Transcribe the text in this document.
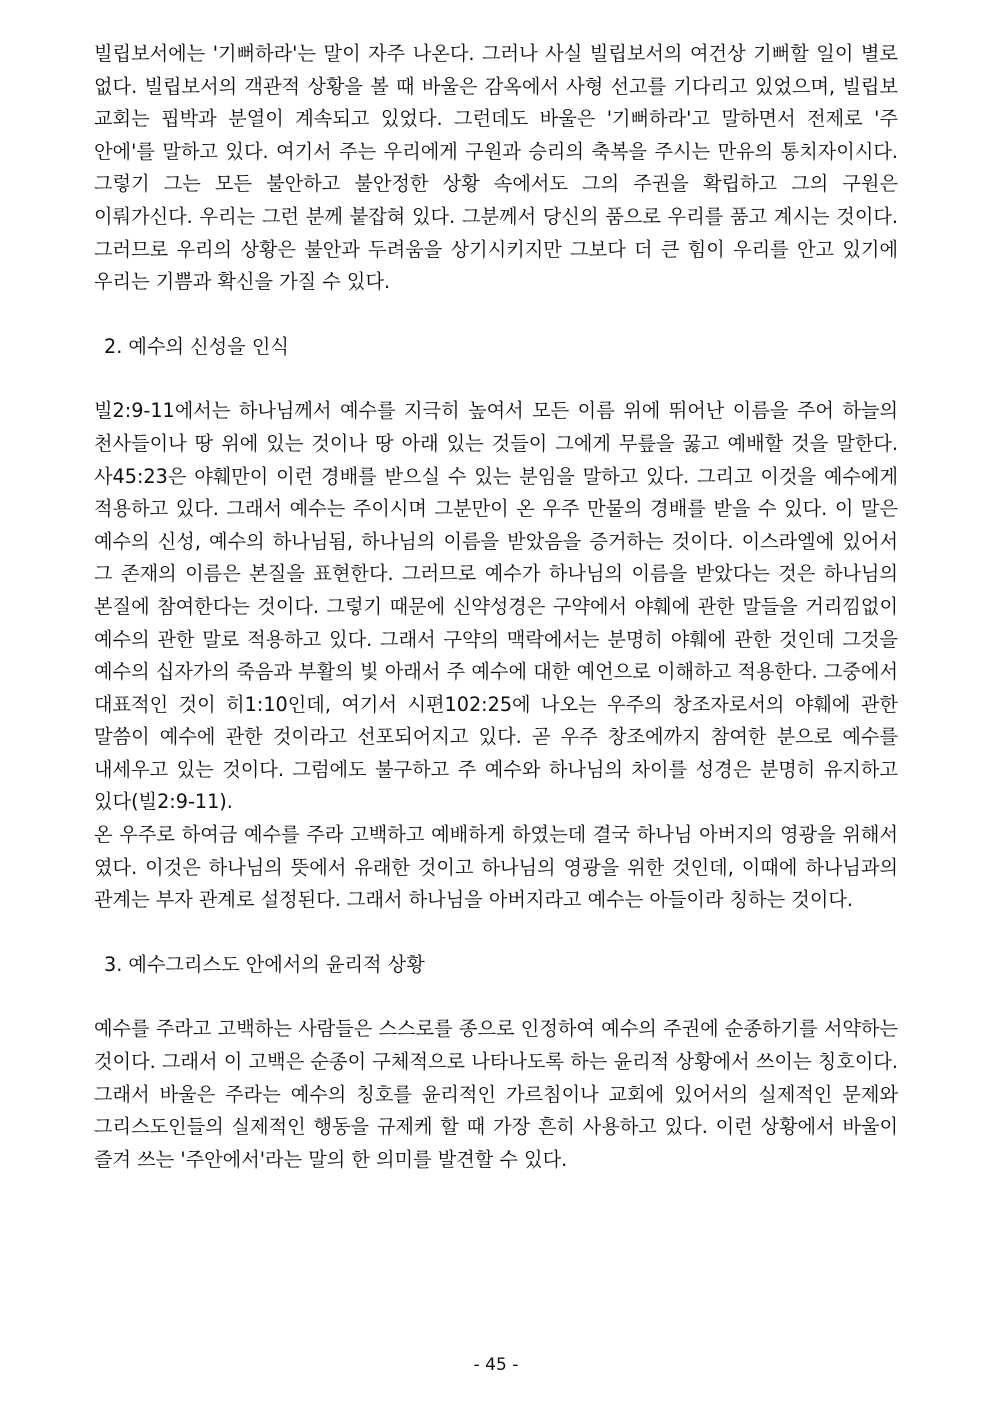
빌립보서에는 '기뻐하라'는 말이 자주 나온다. 그러나 사실 빌립보서의 여건상 기뻐할 일이 별로 없다. 빌립보서의 객관적 상황을 볼 때 바울은 감옥에서 사형 선고를 기다리고 있었으며, 빌립보 교회는 핍박과 분열이 계속되고 있었다. 그런데도 바울은 '기뻐하라'고 말하면서 전제로 '주 안에'를 말하고 있다. 여기서 주는 우리에게 구원과 승리의 축복을 주시는 만유의 통치자이시다. 그렇기 그는 모든 불안하고 불안정한 상황 속에서도 그의 주권을 확립하고 그의 구원은 이뤄가신다. 우리는 그런 분께 붙잡혀 있다. 그분께서 당신의 품으로 우리를 품고 계시는 것이다. 그러므로 우리의 상황은 불안과 두려움을 상기시키지만 그보다 더 큰 힘이 우리를 안고 있기에 우리는 기쁨과 확신을 가질 수 있다.

2. 예수의 신성을 인식

빌2:9-11에서는 하나님께서 예수를 지극히 높여서 모든 이름 위에 뛰어난 이름을 주어 하늘의 천사들이나 땅 위에 있는 것이나 땅 아래 있는 것들이 그에게 무릎을 꿇고 예배할 것을 말한다. 사45:23은 야훼만이 이런 경배를 받으실 수 있는 분임을 말하고 있다. 그리고 이것을 예수에게 적용하고 있다. 그래서 예수는 주이시며 그분만이 온 우주 만물의 경배를 받을 수 있다. 이 말은 예수의 신성, 예수의 하나님됨, 하나님의 이름을 받았음을 증거하는 것이다. 이스라엘에 있어서 그 존재의 이름은 본질을 표현한다. 그러므로 예수가 하나님의 이름을 받았다는 것은 하나님의 본질에 참여한다는 것이다. 그렇기 때문에 신약성경은 구약에서 야훼에 관한 말들을 거리낌없이 예수의 관한 말로 적용하고 있다. 그래서 구약의 맥락에서는 분명히 야훼에 관한 것인데 그것을 예수의 십자가의 죽음과 부활의 빛 아래서 주 예수에 대한 예언으로 이해하고 적용한다. 그중에서 대표적인 것이 히1:10인데, 여기서 시편102:25에 나오는 우주의 창조자로서의 야훼에 관한 말씀이 예수에 관한 것이라고 선포되어지고 있다. 곧 우주 창조에까지 참여한 분으로 예수를 내세우고 있는 것이다. 그럼에도 불구하고 주 예수와 하나님의 차이를 성경은 분명히 유지하고 있다(빌2:9-11).

온 우주로 하여금 예수를 주라 고백하고 예배하게 하였는데 결국 하나님 아버지의 영광을 위해서 였다. 이것은 하나님의 뜻에서 유래한 것이고 하나님의 영광을 위한 것인데, 이때에 하나님과의 관계는 부자 관계로 설정된다. 그래서 하나님을 아버지라고 예수는 아들이라 칭하는 것이다.

3. 예수그리스도 안에서의 윤리적 상황

예수를 주라고 고백하는 사람들은 스스로를 종으로 인정하여 예수의 주권에 순종하기를 서약하는 것이다. 그래서 이 고백은 순종이 구체적으로 나타나도록 하는 윤리적 상황에서 쓰이는 칭호이다. 그래서 바울은 주라는 예수의 칭호를 윤리적인 가르침이나 교회에 있어서의 실제적인 문제와 그리스도인들의 실제적인 행동을 규제케 할 때 가장 흔히 사용하고 있다. 이런 상황에서 바울이 즐겨 쓰는 '주안에서'라는 말의 한 의미를 발견할 수 있다.

- 45 -
